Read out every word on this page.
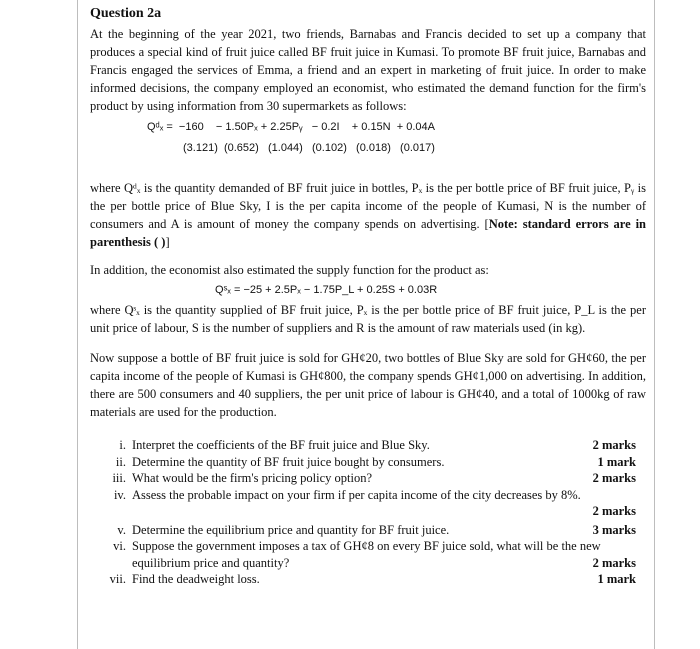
Question 2a

At the beginning of the year 2021, two friends, Barnabas and Francis decided to set up a company that produces a special kind of fruit juice called BF fruit juice in Kumasi. To promote BF fruit juice, Barnabas and Francis engaged the services of Emma, a friend and an expert in marketing of fruit juice. In order to make informed decisions, the company employed an economist, who estimated the demand function for the firm's product by using information from 30 supermarkets as follows:

Qᵈₓ =  −160    − 1.50Pₓ + 2.25Pᵧ   − 0.2I    + 0.15N  + 0.04A
(3.121)  (0.652)   (1.044)   (0.102)   (0.018)   (0.017)

where Qᵈₓ is the quantity demanded of BF fruit juice in bottles, Pₓ is the per bottle price of BF fruit juice, Pᵧ is the per bottle price of Blue Sky, I is the per capita income of the people of Kumasi, N is the number of consumers and A is amount of money the company spends on advertising. [Note: standard errors are in parenthesis ( )]

In addition, the economist also estimated the supply function for the product as:

Qˢₓ = −25 + 2.5Pₓ − 1.75P_L + 0.25S + 0.03R

where Qˢₓ is the quantity supplied of BF fruit juice, Pₓ is the per bottle price of BF fruit juice, P_L is the per unit price of labour, S is the number of suppliers and R is the amount of raw materials used (in kg).

Now suppose a bottle of BF fruit juice is sold for GH¢20, two bottles of Blue Sky are sold for GH¢60, the per capita income of the people of Kumasi is GH¢800, the company spends GH¢1,000 on advertising. In addition, there are 500 consumers and 40 suppliers, the per unit price of labour is GH¢40, and a total of 1000kg of raw materials are used for the production.

i. Interpret the coefficients of the BF fruit juice and Blue Sky.	2 marks
ii. Determine the quantity of BF fruit juice bought by consumers.	1 mark
iii. What would be the firm's pricing policy option?	2 marks
iv. Assess the probable impact on your firm if per capita income of the city decreases by 8%.
2 marks
v. Determine the equilibrium price and quantity for BF fruit juice.	3 marks
vi. Suppose the government imposes a tax of GH¢8 on every BF juice sold, what will be the new equilibrium price and quantity?	2 marks
vii. Find the deadweight loss.	1 mark
